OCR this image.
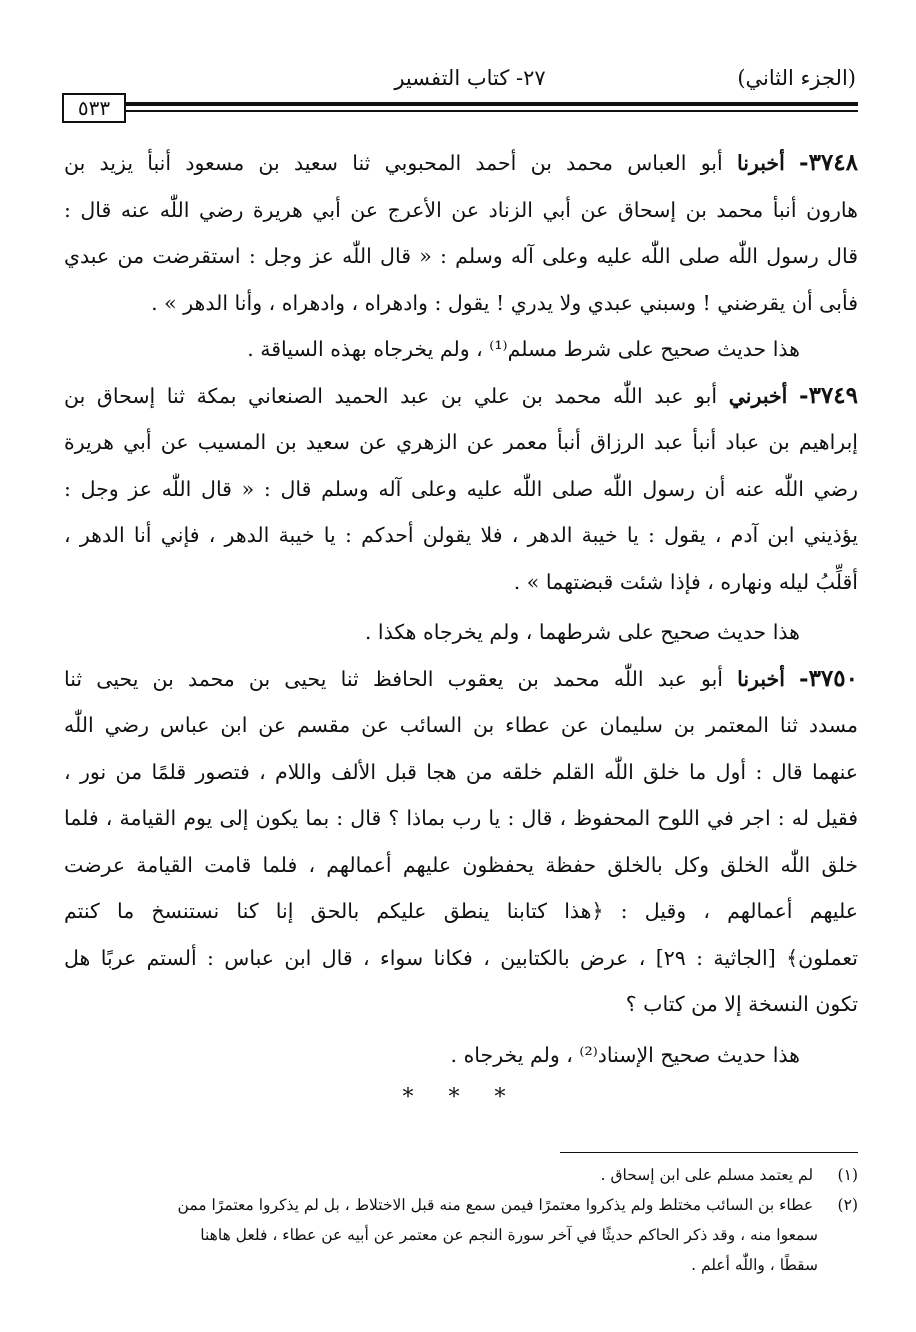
(الجزء الثاني)
٢٧- كتاب التفسير
٥٣٣
٣٧٤٨- أخبرنا أبو العباس محمد بن أحمد المحبوبي ثنا سعيد بن مسعود أنبأ يزيد بن
هارون أنبأ محمد بن إسحاق عن أبي الزناد عن الأعرج عن أبي هريرة رضي اللّٰه عنه قال :
قال رسول اللّٰه صلى اللّٰه عليه وعلى آله وسلم : « قال اللّٰه عز وجل : استقرضت من عبدي
فأبى أن يقرضني ! وسبني عبدي ولا يدري ! يقول : وادهراه ، وادهراه ، وأنا الدهر » .
هذا حديث صحيح على شرط مسلم⁽¹⁾ ، ولم يخرجاه بهذه السياقة .
٣٧٤٩- أخبرني أبو عبد اللّٰه محمد بن علي بن عبد الحميد الصنعاني بمكة ثنا إسحاق بن
إبراهيم بن عباد أنبأ عبد الرزاق أنبأ معمر عن الزهري عن سعيد بن المسيب عن أبي هريرة
رضي اللّٰه عنه أن رسول اللّٰه صلى اللّٰه عليه وعلى آله وسلم قال : « قال اللّٰه عز وجل :
يؤذيني ابن آدم ، يقول : يا خيبة الدهر ، فلا يقولن أحدكم : يا خيبة الدهر ، فإني أنا الدهر ،
أقلِّبُ ليله ونهاره ، فإذا شئت قبضتهما » .
هذا حديث صحيح على شرطهما ، ولم يخرجاه هكذا .
٣٧٥٠- أخبرنا أبو عبد اللّٰه محمد بن يعقوب الحافظ ثنا يحيى بن محمد بن يحيى ثنا
مسدد ثنا المعتمر بن سليمان عن عطاء بن السائب عن مقسم عن ابن عباس رضي اللّٰه
عنهما قال : أول ما خلق اللّٰه القلم خلقه من هجا قبل الألف واللام ، فتصور قلمًا من نور ،
فقيل له : اجر في اللوح المحفوظ ، قال : يا رب بماذا ؟ قال : بما يكون إلى يوم القيامة ، فلما
خلق اللّٰه الخلق وكل بالخلق حفظة يحفظون عليهم أعمالهم ، فلما قامت القيامة عرضت
عليهم أعمالهم ، وقيل : ﴿هذا كتابنا ينطق عليكم بالحق إنا كنا نستنسخ ما كنتم
تعملون﴾ [الجاثية : ٢٩] ، عرض بالكتابين ، فكانا سواء ، قال ابن عباس : ألستم عربًا هل
تكون النسخة إلا من كتاب ؟
هذا حديث صحيح الإسناد⁽²⁾ ، ولم يخرجاه .
* * *
(١) لم يعتمد مسلم على ابن إسحاق .
(٢) عطاء بن السائب مختلط ولم يذكروا معتمرًا فيمن سمع منه قبل الاختلاط ، بل لم يذكروا معتمرًا ممن
سمعوا منه ، وقد ذكر الحاكم حديثًا في آخر سورة النجم عن معتمر عن أبيه عن عطاء ، فلعل هاهنا
سقطًا ، واللّٰه أعلم .
